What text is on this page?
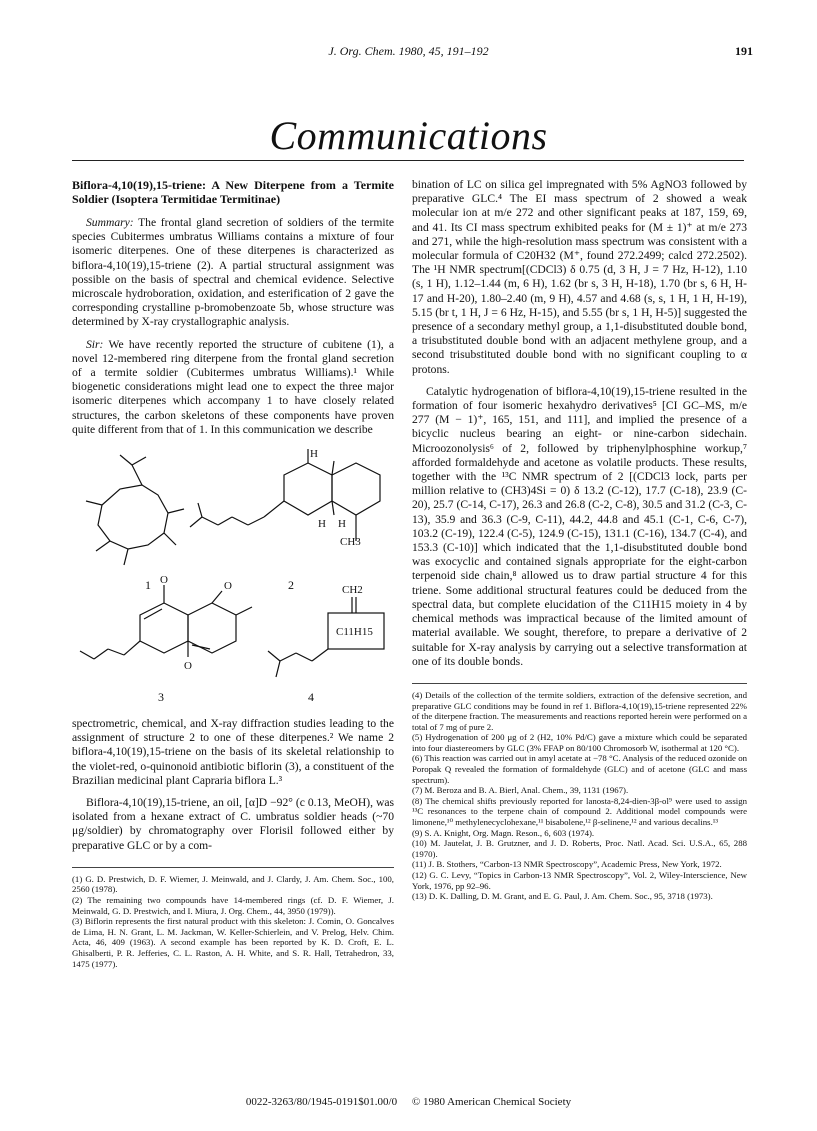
J. Org. Chem. 1980, 45, 191–192	191
Communications
Biflora-4,10(19),15-triene: A New Diterpene from a Termite Soldier (Isoptera Termitidae Termitinae)

Summary: The frontal gland secretion of soldiers of the termite species Cubitermes umbratus Williams contains a mixture of four isomeric diterpenes. One of these diterpenes is characterized as biflora-4,10(19),15-triene (2). A partial structural assignment was possible on the basis of spectral and chemical evidence. Selective microscale hydroboration, oxidation, and esterification of 2 gave the corresponding crystalline p-bromobenzoate 5b, whose structure was determined by X-ray crystallographic analysis.

Sir: We have recently reported the structure of cubitene (1), a novel 12-membered ring diterpene from the frontal gland secretion of a termite soldier (Cubitermes umbratus Williams).¹ While biogenetic considerations might lead one to expect the three major isomeric diterpenes which accompany 1 to have closely related structures, the carbon skeletons of these components have proven quite different from that of 1. In this communication we describe

1	2
3	4
H
H H
CH3
O	O
O
CH2
C11H15

spectrometric, chemical, and X-ray diffraction studies leading to the assignment of structure 2 to one of these diterpenes.² We name 2 biflora-4,10(19),15-triene on the basis of its skeletal relationship to the violet-red, o-quinonoid antibiotic biflorin (3), a constituent of the Brazilian medicinal plant Capraria biflora L.³

Biflora-4,10(19),15-triene, an oil, [α]D −92° (c 0.13, MeOH), was isolated from a hexane extract of C. umbratus soldier heads (~70 μg/soldier) by chromatography over Florisil followed either by preparative GLC or by a com-

(1) G. D. Prestwich, D. F. Wiemer, J. Meinwald, and J. Clardy, J. Am. Chem. Soc., 100, 2560 (1978).

(2) The remaining two compounds have 14-membered rings (cf. D. F. Wiemer, J. Meinwald, G. D. Prestwich, and I. Miura, J. Org. Chem., 44, 3950 (1979)).

(3) Biflorin represents the first natural product with this skeleton: J. Comin, O. Goncalves de Lima, H. N. Grant, L. M. Jackman, W. Keller-Schierlein, and V. Prelog, Helv. Chim. Acta, 46, 409 (1963). A second example has been reported by K. D. Croft, E. L. Ghisalberti, P. R. Jefferies, C. L. Raston, A. H. White, and S. R. Hall, Tetrahedron, 33, 1475 (1977).

bination of LC on silica gel impregnated with 5% AgNO3 followed by preparative GLC.⁴ The EI mass spectrum of 2 showed a weak molecular ion at m/e 272 and other significant peaks at 187, 159, 69, and 41. Its CI mass spectrum exhibited peaks for (M ± 1)⁺ at m/e 273 and 271, while the high-resolution mass spectrum was consistent with a molecular formula of C20H32 (M⁺, found 272.2499; calcd 272.2502). The ¹H NMR spectrum[(CDCl3) δ 0.75 (d, 3 H, J = 7 Hz, H-12), 1.10 (s, 1 H), 1.12–1.44 (m, 6 H), 1.62 (br s, 3 H, H-18), 1.70 (br s, 6 H, H-17 and H-20), 1.80–2.40 (m, 9 H), 4.57 and 4.68 (s, s, 1 H, 1 H, H-19), 5.15 (br t, 1 H, J = 6 Hz, H-15), and 5.55 (br s, 1 H, H-5)] suggested the presence of a secondary methyl group, a 1,1-disubstituted double bond, a trisubstituted double bond with an adjacent methylene group, and a second trisubstituted double bond with no significant coupling to α protons.

Catalytic hydrogenation of biflora-4,10(19),15-triene resulted in the formation of four isomeric hexahydro derivatives⁵ [CI GC–MS, m/e 277 (M − 1)⁺, 165, 151, and 111], and implied the presence of a bicyclic nucleus bearing an eight- or nine-carbon sidechain. Microozonolysis⁶ of 2, followed by triphenylphosphine workup,⁷ afforded formaldehyde and acetone as volatile products. These results, together with the ¹³C NMR spectrum of 2 [(CDCl3 lock, parts per million relative to (CH3)4Si = 0) δ 13.2 (C-12), 17.7 (C-18), 23.9 (C-20), 25.7 (C-14, C-17), 26.3 and 26.8 (C-2, C-8), 30.5 and 31.2 (C-3, C-13), 35.9 and 36.3 (C-9, C-11), 44.2, 44.8 and 45.1 (C-1, C-6, C-7), 103.2 (C-19), 122.4 (C-5), 124.9 (C-15), 131.1 (C-16), 134.7 (C-4), and 153.3 (C-10)] which indicated that the 1,1-disubstituted double bond was exocyclic and contained signals appropriate for the eight-carbon terpenoid side chain,⁸ allowed us to draw partial structure 4 for this triene. Some additional structural features could be deduced from the spectral data, but complete elucidation of the C11H15 moiety in 4 by chemical methods was impractical because of the limited amount of material available. We sought, therefore, to prepare a derivative of 2 suitable for X-ray analysis by carrying out a selective transformation at one of its double bonds.

(4) Details of the collection of the termite soldiers, extraction of the defensive secretion, and preparative GLC conditions may be found in ref 1. Biflora-4,10(19),15-triene represented 22% of the diterpene fraction. The measurements and reactions reported herein were performed on a total of 7 mg of pure 2.

(5) Hydrogenation of 200 μg of 2 (H2, 10% Pd/C) gave a mixture which could be separated into four diastereomers by GLC (3% FFAP on 80/100 Chromosorb W, isothermal at 120 °C).

(6) This reaction was carried out in amyl acetate at −78 °C. Analysis of the reduced ozonide on Poropak Q revealed the formation of formaldehyde (GLC) and of acetone (GLC and mass spectrum).

(7) M. Beroza and B. A. Bierl, Anal. Chem., 39, 1131 (1967).

(8) The chemical shifts previously reported for lanosta-8,24-dien-3β-ol⁹ were used to assign ¹³C resonances to the terpene chain of compound 2. Additional model compounds were limonene,¹⁰ methylenecyclohexane,¹¹ bisabolene,¹² β-selinene,¹² and various decalins.¹³

(9) S. A. Knight, Org. Magn. Reson., 6, 603 (1974).

(10) M. Jautelat, J. B. Grutzner, and J. D. Roberts, Proc. Natl. Acad. Sci. U.S.A., 65, 288 (1970).

(11) J. B. Stothers, “Carbon-13 NMR Spectroscopy”, Academic Press, New York, 1972.

(12) G. C. Levy, “Topics in Carbon-13 NMR Spectroscopy”, Vol. 2, Wiley-Interscience, New York, 1976, pp 92–96.

(13) D. K. Dalling, D. M. Grant, and E. G. Paul, J. Am. Chem. Soc., 95, 3718 (1973).

0022-3263/80/1945-0191$01.00/0 © 1980 American Chemical Society
